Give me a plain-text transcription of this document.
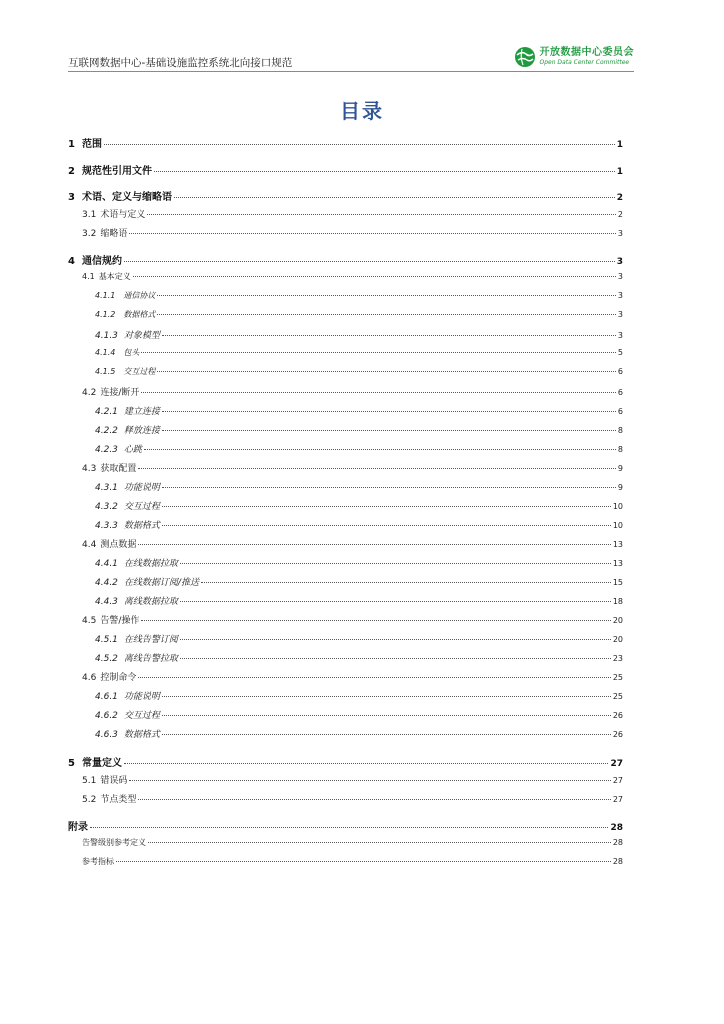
互联网数据中心-基础设施监控系统北向接口规范
开放数据中心委员会
Open Data Center Committee
目录
1 范围	1
2 规范性引用文件	1
3 术语、定义与缩略语	2
3.1 术语与定义	2
3.2 缩略语	3
4 通信规约	3
4.1 基本定义	3
4.1.1 通信协议	3
4.1.2 数据格式	3
4.1.3 对象模型	3
4.1.4 包头	5
4.1.5 交互过程	6
4.2 连接/断开	6
4.2.1 建立连接	6
4.2.2 释放连接	8
4.2.3 心跳	8
4.3 获取配置	9
4.3.1 功能说明	9
4.3.2 交互过程	10
4.3.3 数据格式	10
4.4 测点数据	13
4.4.1 在线数据拉取	13
4.4.2 在线数据订阅/推送	15
4.4.3 离线数据拉取	18
4.5 告警/操作	20
4.5.1 在线告警订阅	20
4.5.2 离线告警拉取	23
4.6 控制命令	25
4.6.1 功能说明	25
4.6.2 交互过程	26
4.6.3 数据格式	26
5 常量定义	27
5.1 错误码	27
5.2 节点类型	27
附录	28
告警级别参考定义	28
参考指标	28
